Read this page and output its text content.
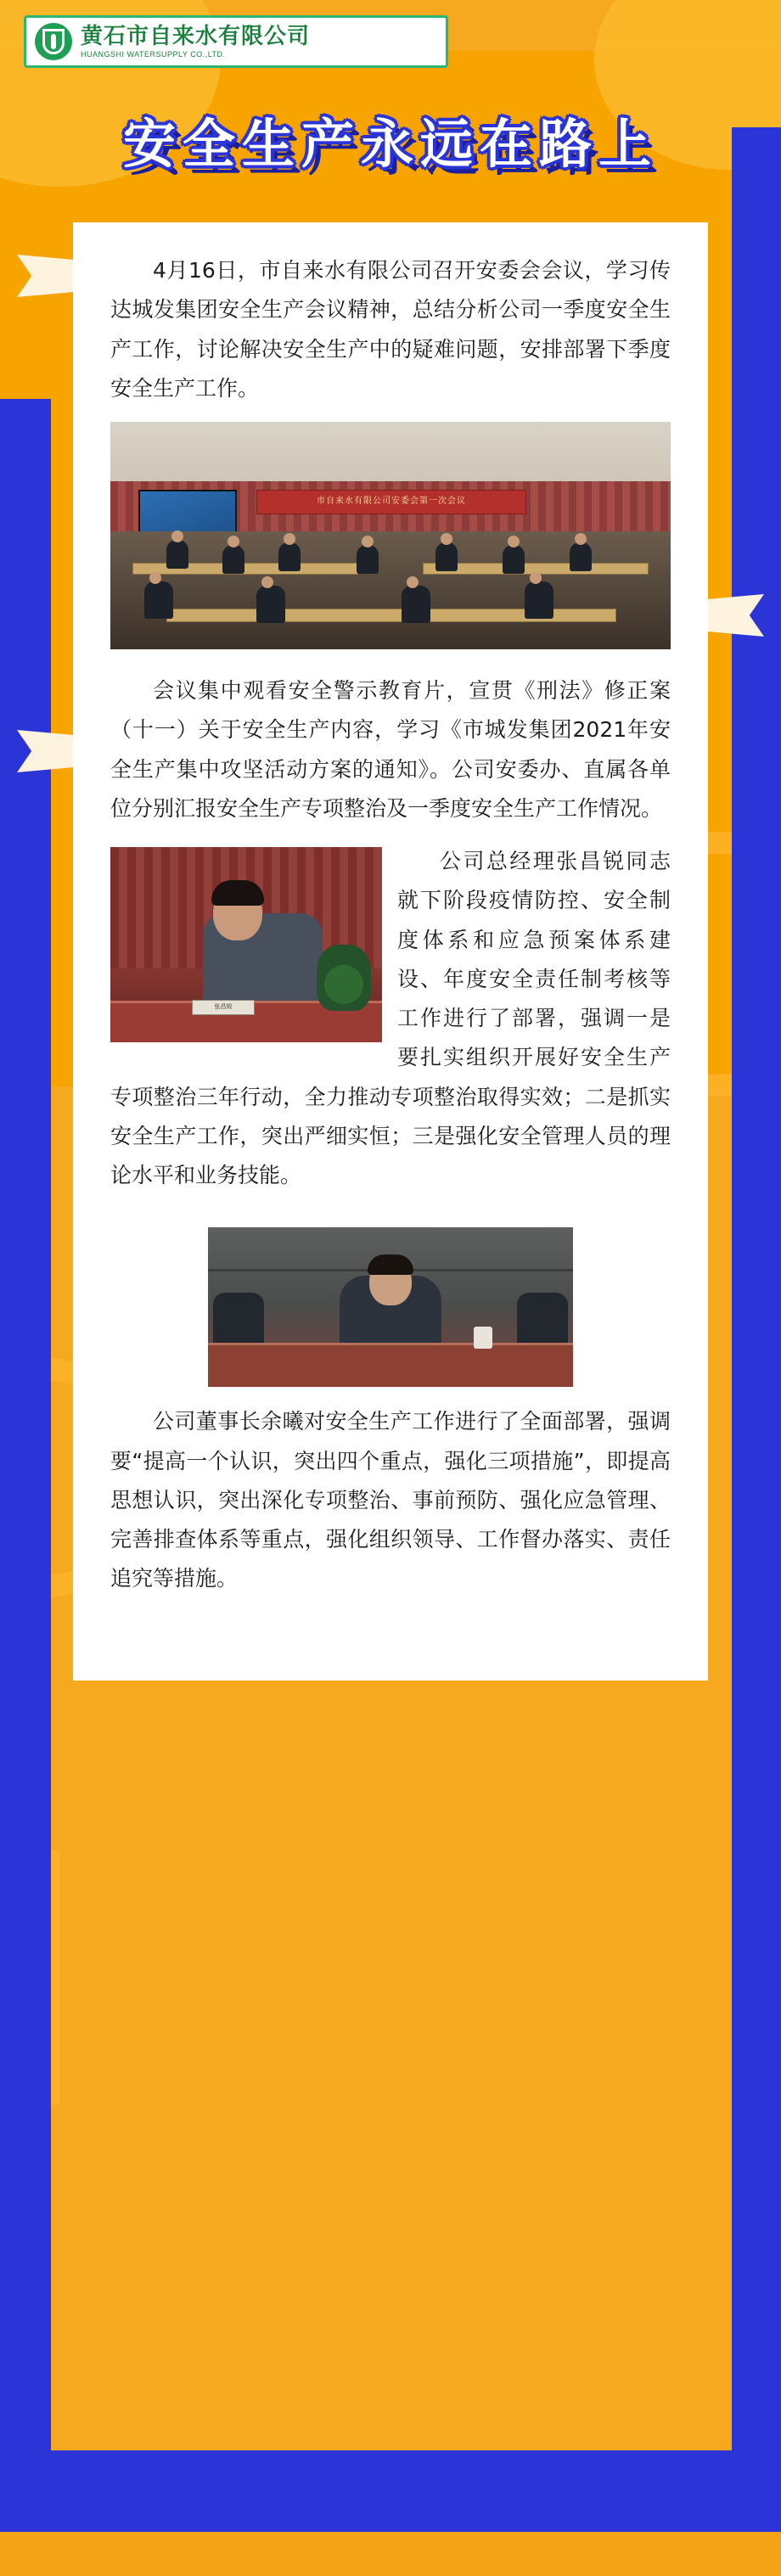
黄石市自来水有限公司
HUANGSHI WATERSUPPLY CO.,LTD.
安全生产永远在路上

4月16日，市自来水有限公司召开安委会会议，学习传达城发集团安全生产会议精神，总结分析公司一季度安全生产工作，讨论解决安全生产中的疑难问题，安排部署下季度安全生产工作。

市自来水有限公司安委会第一次会议

会议集中观看安全警示教育片，宣贯《刑法》修正案（十一）关于安全生产内容，学习《市城发集团2021年安全生产集中攻坚活动方案的通知》。公司安委办、直属各单位分别汇报安全生产专项整治及一季度安全生产工作情况。

张昌锐

公司总经理张昌锐同志就下阶段疫情防控、安全制度体系和应急预案体系建设、年度安全责任制考核等工作进行了部署，强调一是要扎实组织开展好安全生产专项整治三年行动，全力推动专项整治取得实效；二是抓实安全生产工作，突出严细实恒；三是强化安全管理人员的理论水平和业务技能。

公司董事长余曦对安全生产工作进行了全面部署，强调要“提高一个认识，突出四个重点，强化三项措施”，即提高思想认识，突出深化专项整治、事前预防、强化应急管理、完善排查体系等重点，强化组织领导、工作督办落实、责任追究等措施。
